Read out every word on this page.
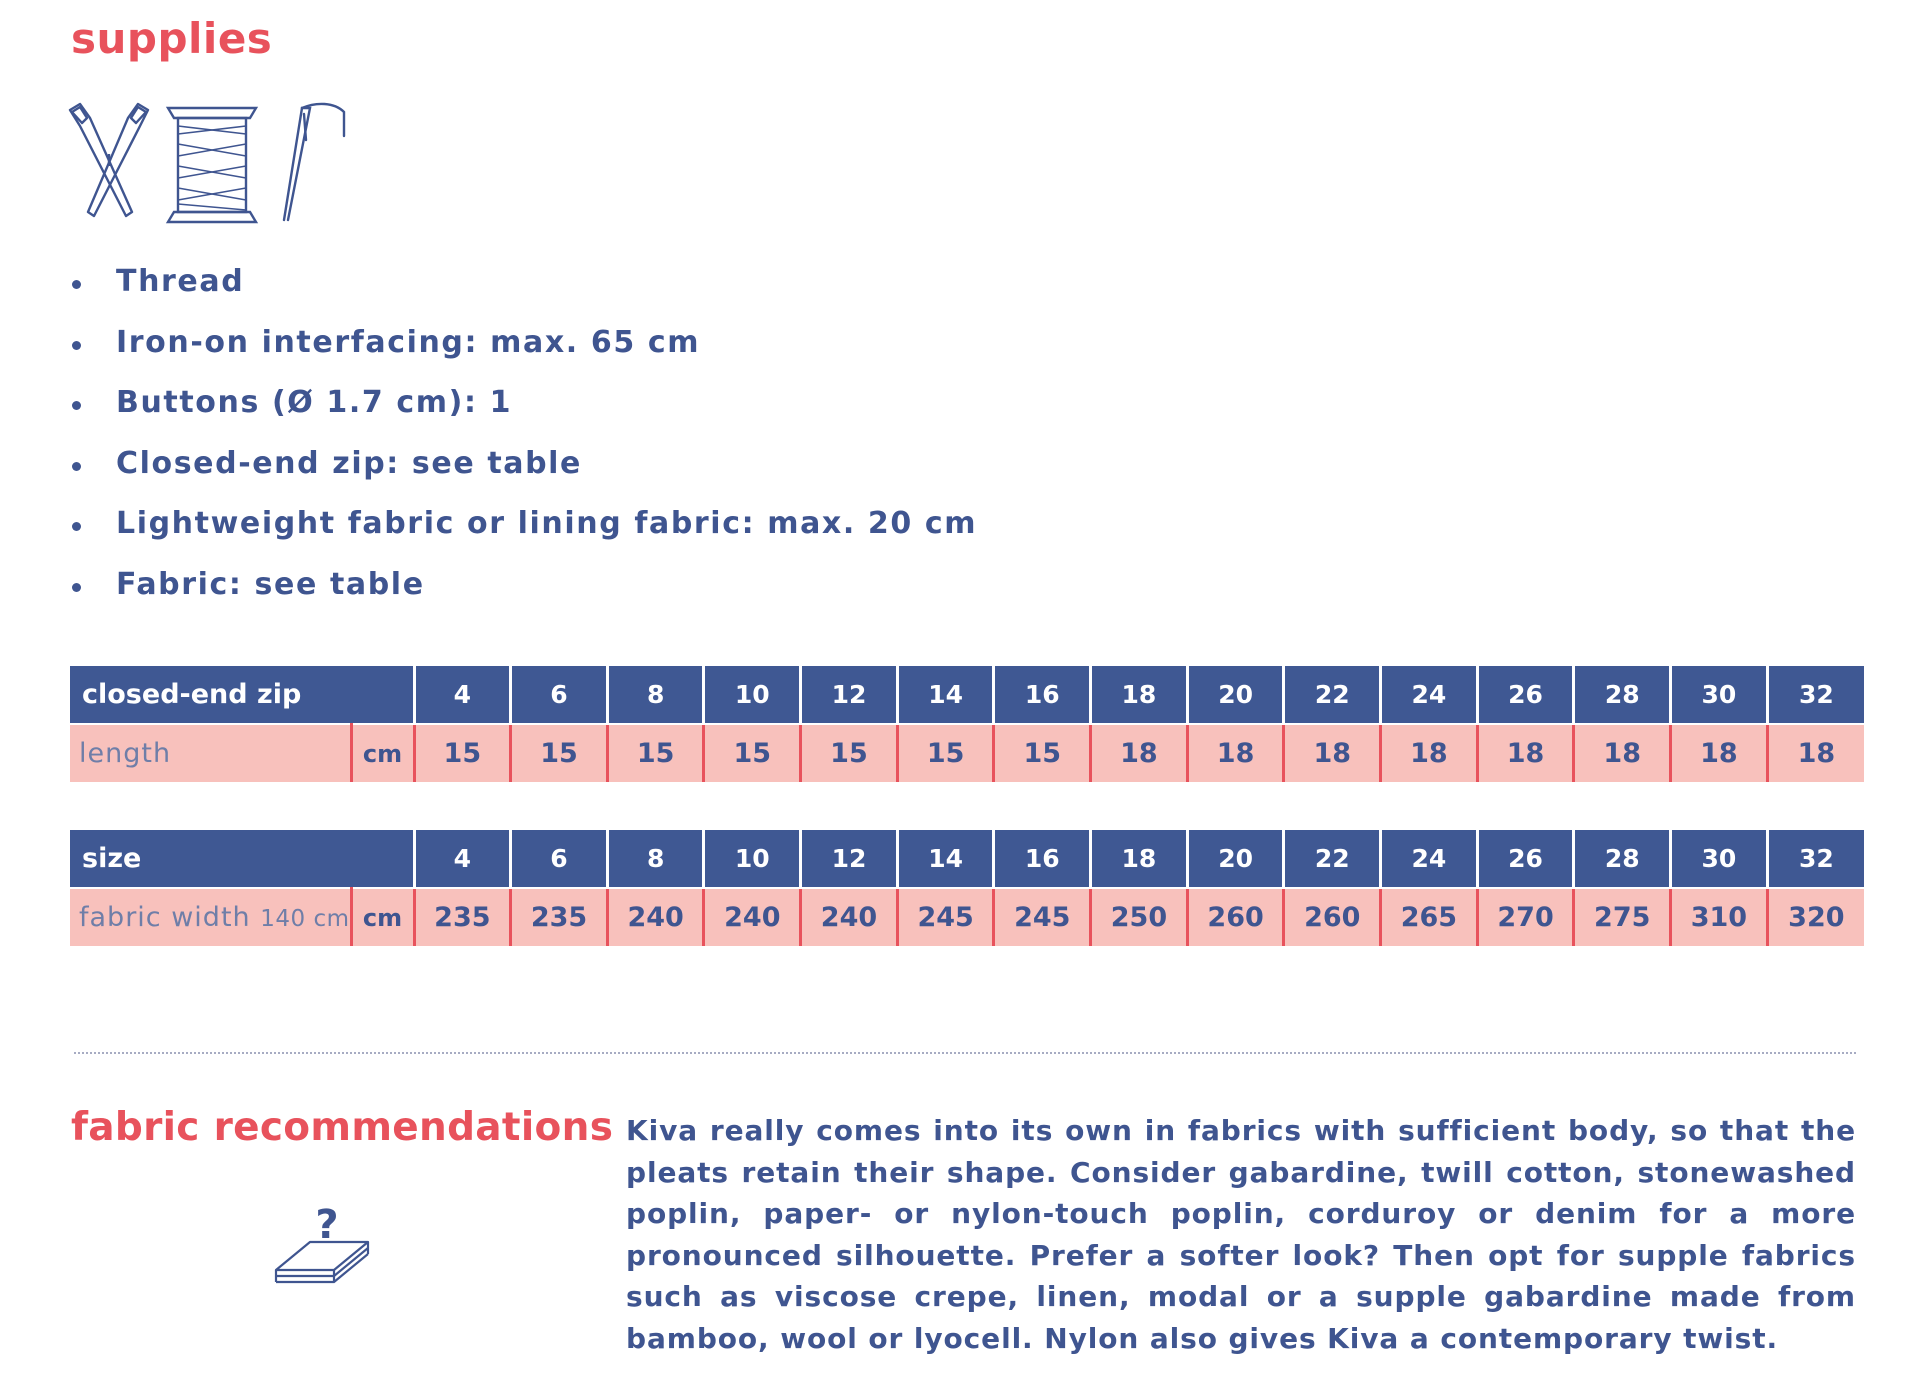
supplies
Thread
Iron-on interfacing: max. 65 cm
Buttons (Ø 1.7 cm): 1
Closed-end zip: see table
Lightweight fabric or lining fabric: max. 20 cm
Fabric: see table
closed-end zip		4	6	8	10	12	14	16	18	20	22	24	26	28	30	32
length	cm	15	15	15	15	15	15	15	18	18	18	18	18	18	18	18
size		4	6	8	10	12	14	16	18	20	22	24	26	28	30	32
fabric width 140 cm	cm	235	235	240	240	240	245	245	250	260	260	265	270	275	310	320
fabric recommendations
?

Kiva really comes into its own in fabrics with sufficient body, so that the pleats retain their shape. Consider gabardine, twill cotton, stonewashed poplin, paper- or nylon-touch poplin, corduroy or denim for a more pronounced silhouette. Prefer a softer look? Then opt for supple fabrics such as viscose crepe, linen, modal or a supple gabardine made from bamboo, wool or lyocell. Nylon also gives Kiva a contemporary twist.
